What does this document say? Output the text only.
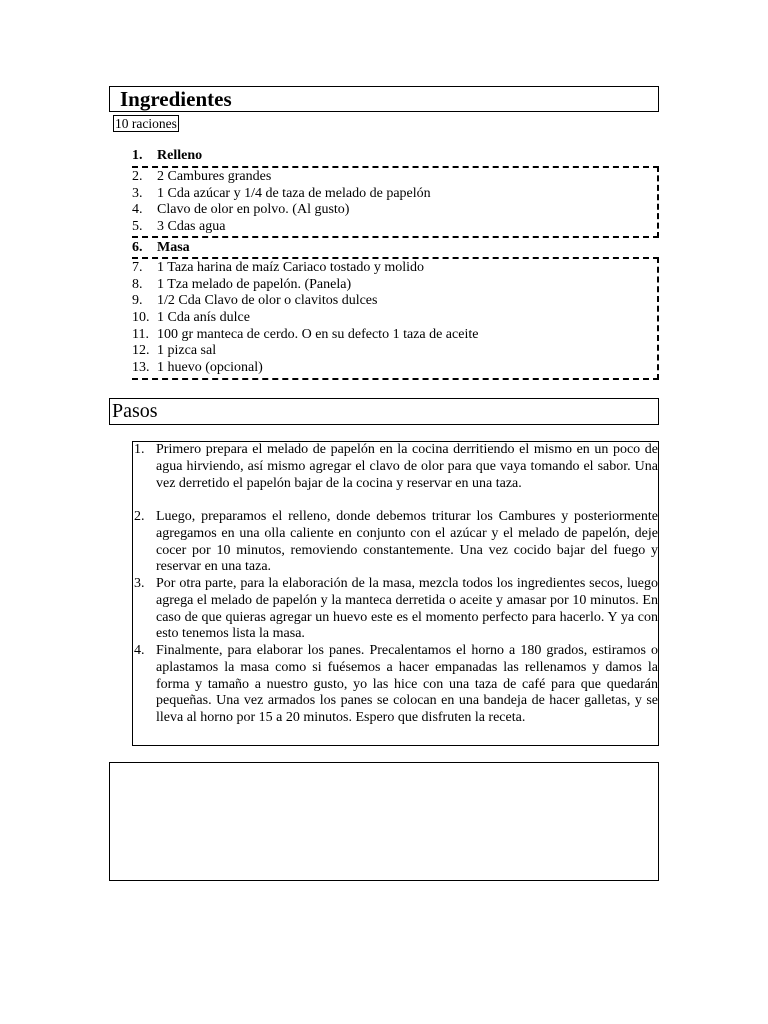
Ingredientes
10 raciones
1. Relleno
2. 2 Cambures grandes
3. 1 Cda azúcar y 1/4 de taza de melado de papelón
4. Clavo de olor en polvo. (Al gusto)
5. 3 Cdas agua
6. Masa
7. 1 Taza harina de maíz Cariaco tostado y molido
8. 1 Tza melado de papelón. (Panela)
9. 1/2 Cda Clavo de olor o clavitos dulces
10. 1 Cda anís dulce
11. 100 gr manteca de cerdo. O en su defecto 1 taza de aceite
12. 1 pizca sal
13. 1 huevo (opcional)
Pasos
1. Primero prepara el melado de papelón en la cocina derritiendo el mismo en un poco de agua hirviendo, así mismo agregar el clavo de olor para que vaya tomando el sabor. Una vez derretido el papelón bajar de la cocina y reservar en una taza.
2. Luego, preparamos el relleno, donde debemos triturar los Cambures y posteriormente agregamos en una olla caliente en conjunto con el azúcar y el melado de papelón, deje cocer por 10 minutos, removiendo constantemente. Una vez cocido bajar del fuego y reservar en una taza.
3. Por otra parte, para la elaboración de la masa, mezcla todos los ingredientes secos, luego agrega el melado de papelón y la manteca derretida o aceite y amasar por 10 minutos. En caso de que quieras agregar un huevo este es el momento perfecto para hacerlo. Y ya con esto tenemos lista la masa.
4. Finalmente, para elaborar los panes. Precalentamos el horno a 180 grados, estiramos o aplastamos la masa como si fuésemos a hacer empanadas las rellenamos y damos la forma y tamaño a nuestro gusto, yo las hice con una taza de café para que quedarán pequeñas. Una vez armados los panes se colocan en una bandeja de hacer galletas, y se lleva al horno por 15 a 20 minutos. Espero que disfruten la receta.
